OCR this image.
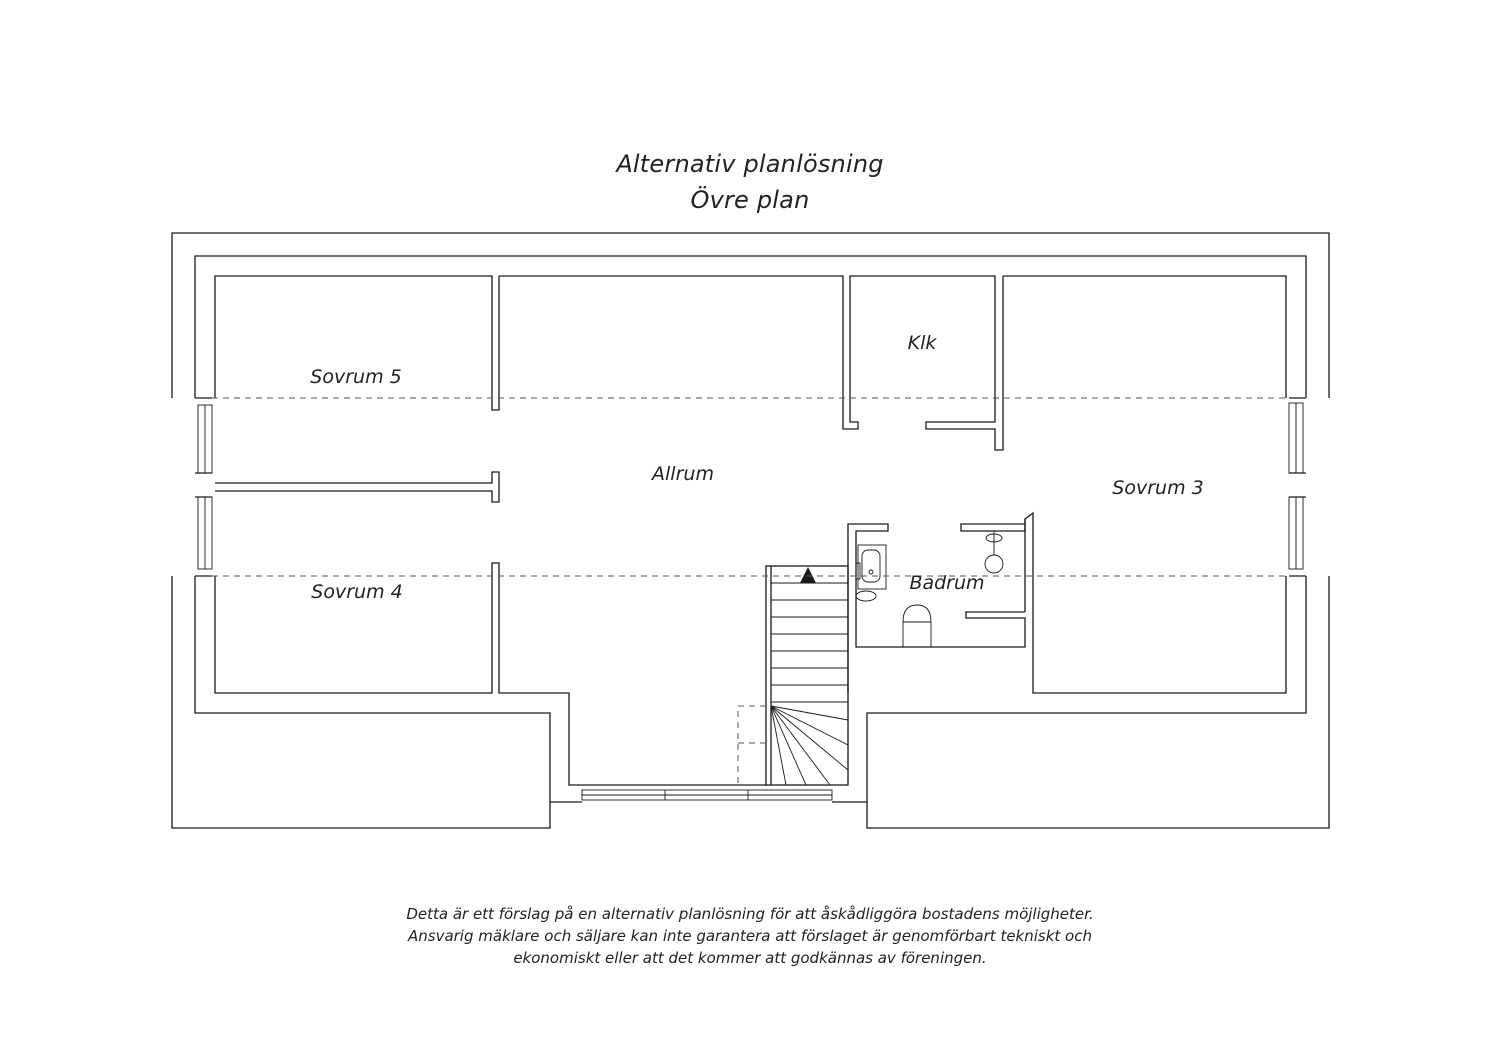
Alternativ planlösning
Övre plan
Sovrum 5
Sovrum 4
Allrum
Klk
Sovrum 3
Badrum
Detta är ett förslag på en alternativ planlösning för att åskådliggöra bostadens möjligheter.
Ansvarig mäklare och säljare kan inte garantera att förslaget är genomförbart tekniskt och
ekonomiskt eller att det kommer att godkännas av föreningen.
